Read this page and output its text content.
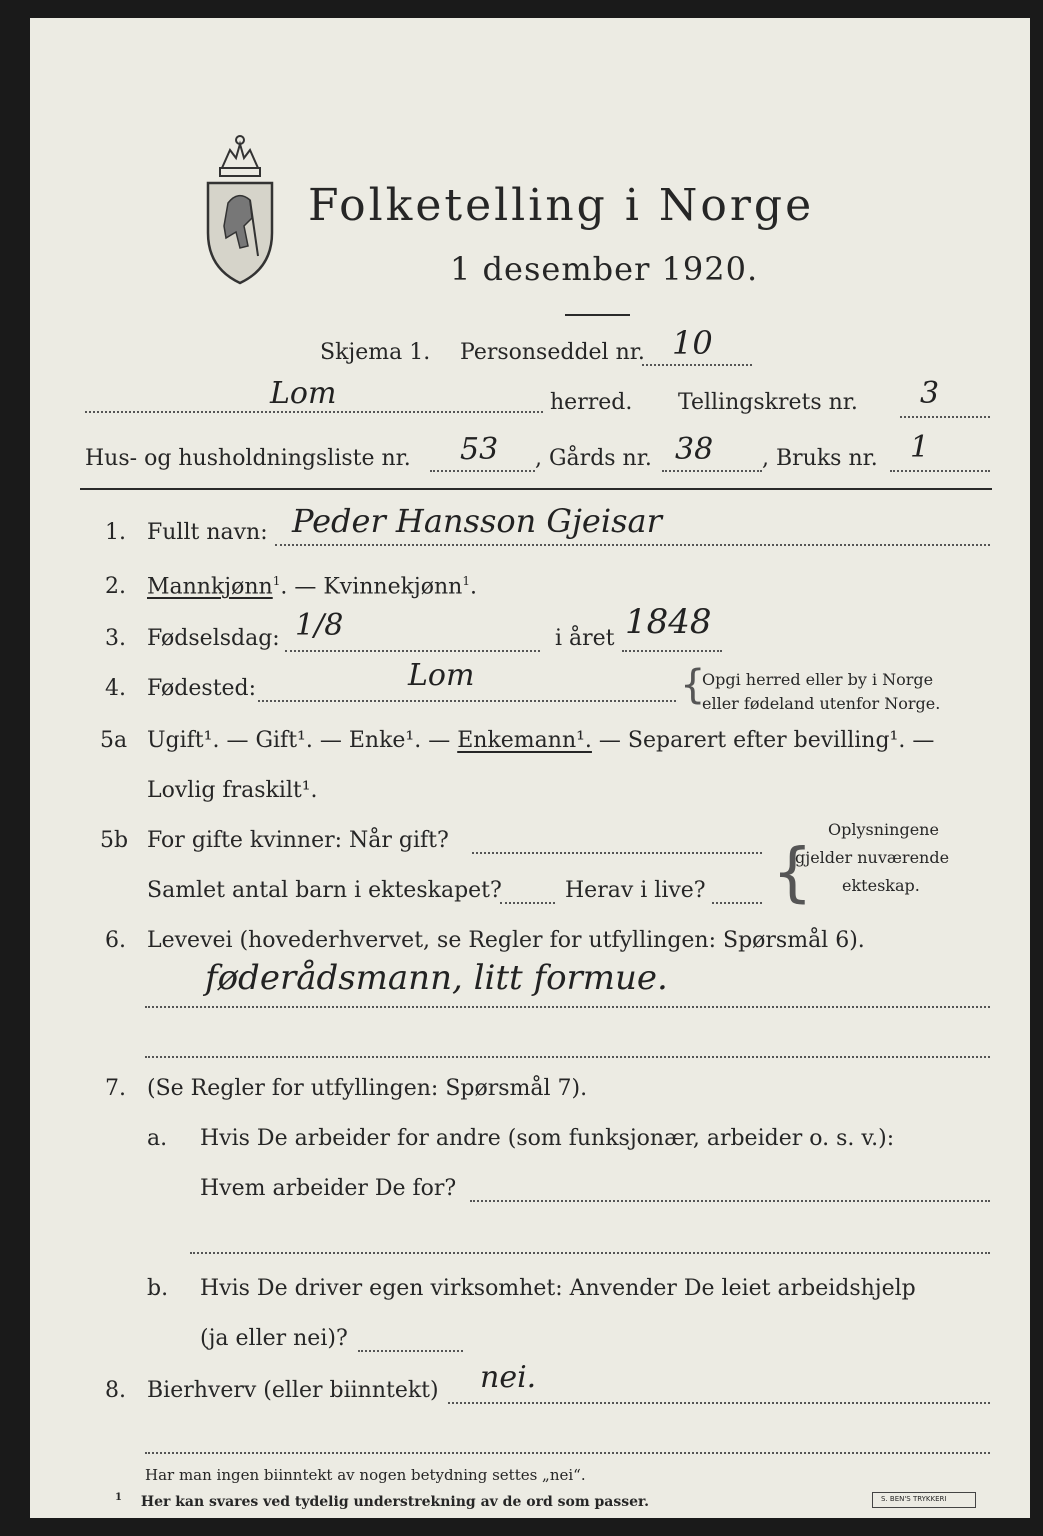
Folketelling i Norge
1 desember 1920.
Skjema 1. Personseddel nr. 10
Lom	herred. Tellingskrets nr. 3
Hus- og husholdningsliste nr. 53 , Gårds nr. 38 , Bruks nr. 1
1. Fullt navn: Peder Hansson Gjeisar
2. Mannkjønn$^1$. — Kvinnekjønn$^1$.
3. Fødselsdag: 1/8	i året 1848
4. Fødested:	Lom	{
Opgi herred eller by i Norge
eller fødeland utenfor Norge.
5a Ugift¹. — Gift¹. — Enke¹. — Enkemann¹. — Separert efter bevilling¹. —
Lovlig fraskilt¹.
5b For gifte kvinner: Når gift?
Samlet antal barn i ekteskapet?	Herav i live? {
Oplysningene
gjelder nuværende
ekteskap.
6. Levevei (hovederhvervet, se Regler for utfyllingen: Spørsmål 6).
føderådsmann, litt formue.
7. (Se Regler for utfyllingen: Spørsmål 7).
a. Hvis De arbeider for andre (som funksjonær, arbeider o. s. v.):
Hvem arbeider De for?
b. Hvis De driver egen virksomhet: Anvender De leiet arbeidshjelp
(ja eller nei)?
8. Bierhverv (eller biinntekt) nei.
Har man ingen biinntekt av nogen betydning settes „nei“.
$^1$ Her kan svares ved tydelig understrekning av de ord som passer.	S. BEN'S TRYKKERI
